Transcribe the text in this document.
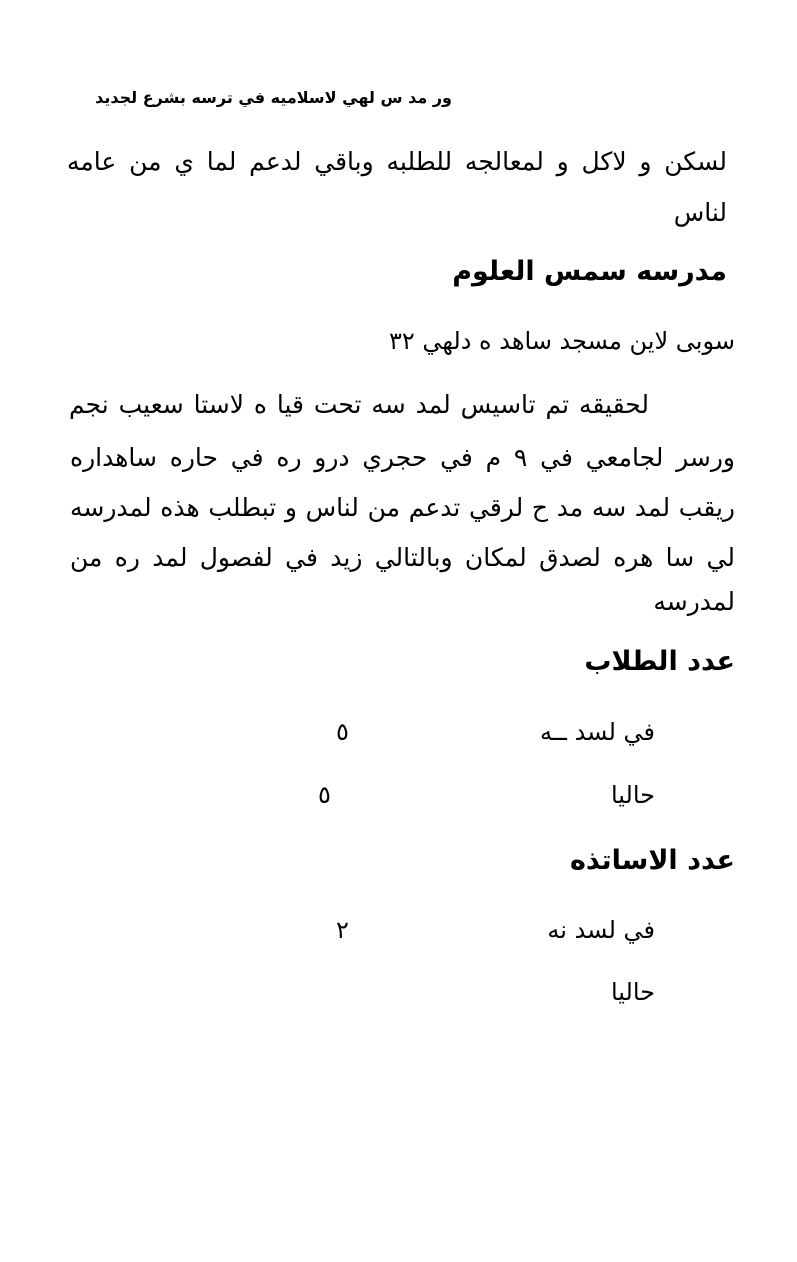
ور مد س لهي لاسلاميه في ترسه بشرع لجديد
لسكن و لاكل و لمعالجه للطلبه وباقي لدعم لما ي من عامه
لناس
مدرسه سمس العلوم
سوبى لاين مسجد ساهد ه دلهي ٣٢
لحقيقه تم تاسيس لمد سه تحت قيا ه لاستا سعيب نجم
ورسر لجامعي في ٩ م في حجري درو ره في حاره ساهداره
ريقب لمد سه مد ح لرقي تدعم من لناس و تبطلب هذه لمدرسه
لي سا هره لصدق لمكان وبالتالي زيد في لفصول لمد ره من
لمدرسه
عدد الطلاب
في لسد ــه
٥
حاليا
٥
عدد الاساتذه
في لسد نه
٢
حاليا
